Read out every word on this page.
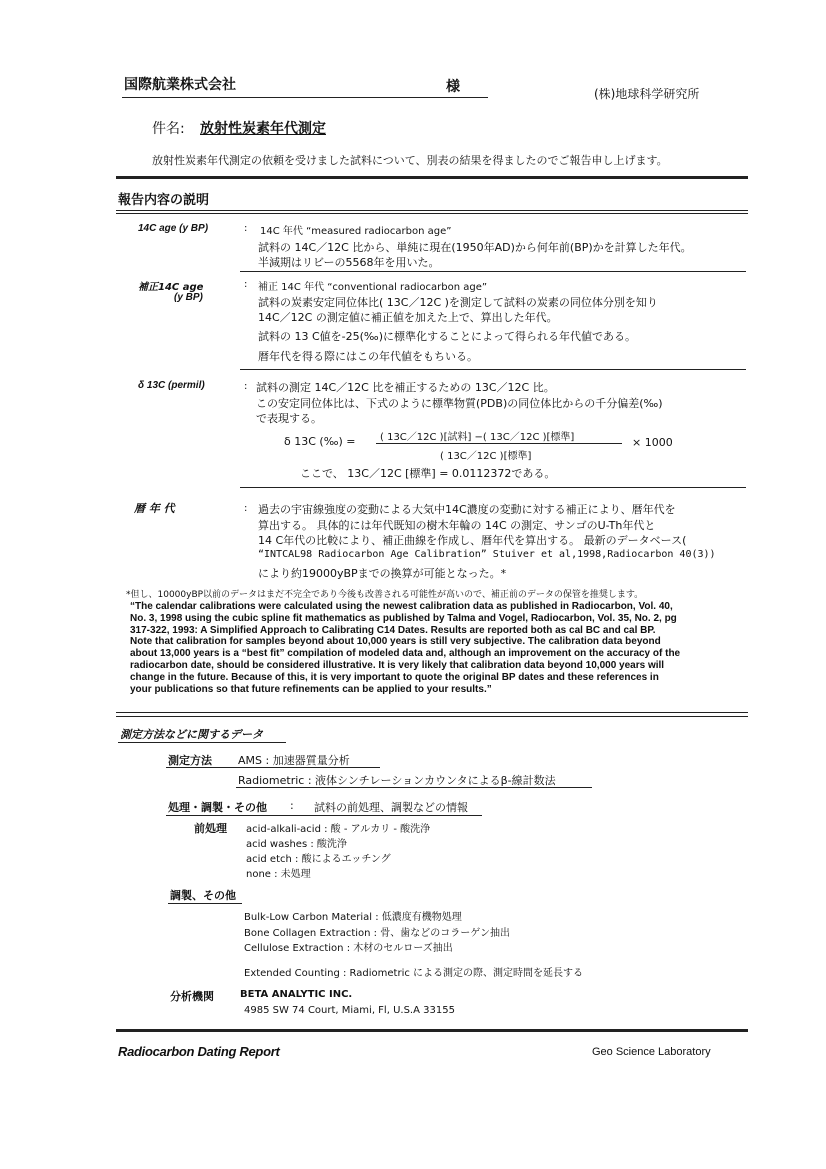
国際航業株式会社	様	(株)地球科学研究所
件名: 放射性炭素年代測定
放射性炭素年代測定の依頼を受けました試料について、別表の結果を得ましたのでご報告申し上げます。
報告内容の説明
14C age (y BP)	: 14C 年代 “measured radiocarbon age”
試料の 14C／12C 比から、単純に現在(1950年AD)から何年前(BP)かを計算した年代。
半減期はリビーの5568年を用いた。
補正14C age
(y BP)
: 補正 14C 年代 “conventional radiocarbon age”
試料の炭素安定同位体比( 13C／12C )を測定して試料の炭素の同位体分別を知り
14C／12C の測定値に補正値を加えた上で、算出した年代。
試料の 13 C値を-25(‰)に標準化することによって得られる年代値である。
暦年代を得る際にはこの年代値をもちいる。
δ 13C (permil)	: 試料の測定 14C／12C 比を補正するための 13C／12C 比。
この安定同位体比は、下式のように標準物質(PDB)の同位体比からの千分偏差(‰)
で表現する。
δ 13C (‰) = ( 13C／12C )[試料] −( 13C／12C )[標準]
( 13C／12C )[標準]
× 1000
ここで、 13C／12C [標準] = 0.0112372である。
暦 年 代	: 過去の宇宙線強度の変動による大気中14C濃度の変動に対する補正により、暦年代を
算出する。 具体的には年代既知の樹木年輪の 14C の測定、サンゴのU-Th年代と
14 C年代の比較により、補正曲線を作成し、暦年代を算出する。 最新のデータベース(
“INTCAL98 Radiocarbon Age Calibration” Stuiver et al,1998,Radiocarbon 40(3))
により約19000yBPまでの換算が可能となった。*
*但し、10000yBP以前のデータはまだ不完全であり今後も改善される可能性が高いので、補正前のデータの保管を推奨します。
“The calendar calibrations were calculated using the newest calibration data as published in Radiocarbon, Vol. 40,
No. 3, 1998 using the cubic spline fit mathematics as published by Talma and Vogel, Radiocarbon, Vol. 35, No. 2, pg
317-322, 1993: A Simplified Approach to Calibrating C14 Dates. Results are reported both as cal BC and cal BP.
Note that calibration for samples beyond about 10,000 years is still very subjective. The calibration data beyond
about 13,000 years is a “best fit” compilation of modeled data and, although an improvement on the accuracy of the
radiocarbon date, should be considered illustrative. It is very likely that calibration data beyond 10,000 years will
change in the future. Because of this, it is very important to quote the original BP dates and these references in
your publications so that future refinements can be applied to your results.”
測定方法などに関するデータ
測定方法 AMS : 加速器質量分析
Radiometric : 液体シンチレーションカウンタによるβ-線計数法
処理・調製・その他 : 試料の前処理、調製などの情報
前処理 acid-alkali-acid : 酸 - アルカリ - 酸洗浄
acid washes : 酸洗浄
acid etch : 酸によるエッチング
none : 未処理
調製、その他
Bulk-Low Carbon Material : 低濃度有機物処理
Bone Collagen Extraction : 骨、歯などのコラーゲン抽出
Cellulose Extraction : 木材のセルローズ抽出
Extended Counting : Radiometric による測定の際、測定時間を延長する
分析機関	BETA ANALYTIC INC.
4985 SW 74 Court, Miami, Fl, U.S.A 33155
Radiocarbon Dating Report	Geo Science Laboratory
